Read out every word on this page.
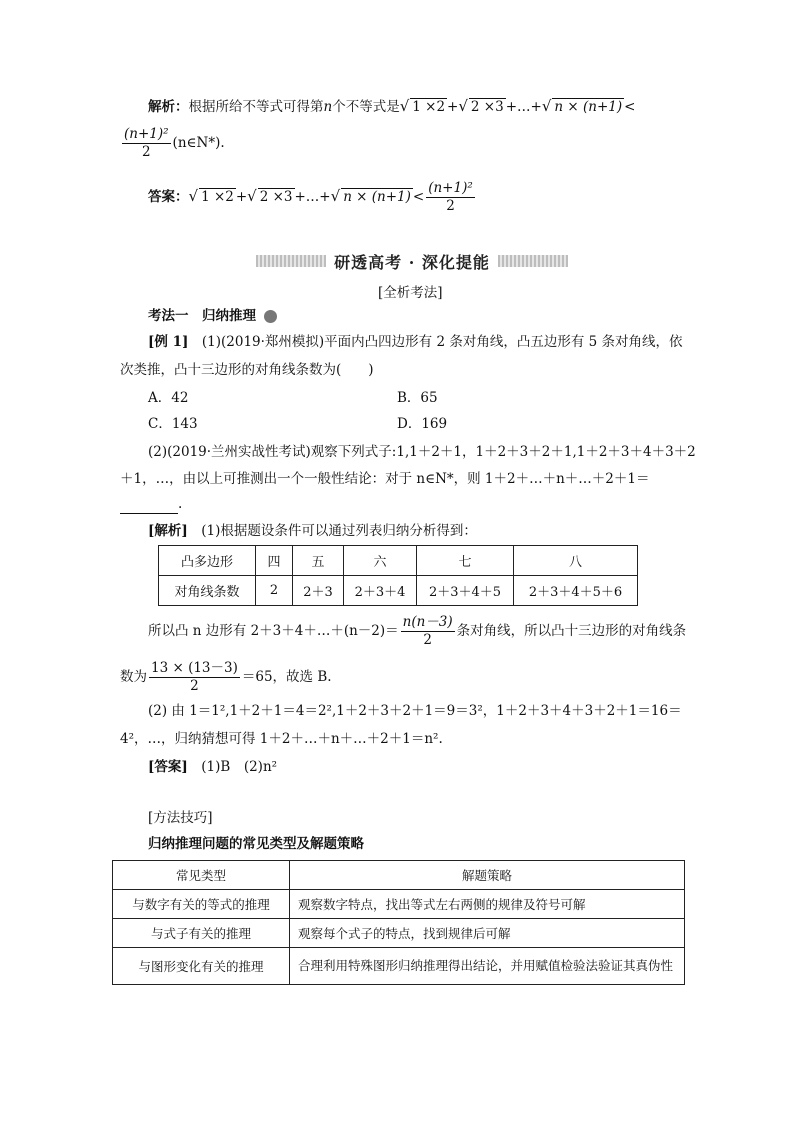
解析：根据所给不等式可得第n个不等式是√ 1 ×2 +√ 2 ×3 +…+√ n × (n+1) <
$\frac{\text{(n+1)²}}{2}$ (n∈N*).
答案：√ 1 ×2 +√ 2 ×3 +…+√ $n \times (n+1) < \frac{\text{(n+1)²}}{2}$
研透高考 · 深化提能
[全析考法]
考法一　归纳推理
[例 1]　(1)(2019·郑州模拟)平面内凸四边形有 2 条对角线，凸五边形有 5 条对角线，依
次类推，凸十三边形的对角线条数为(　　)
A．42	B．65
C．143	D．169
(2)(2019·兰州实战性考试)观察下列式子:1,1＋2＋1，1＋2＋3＋2＋1,1＋2＋3＋4＋3＋2
＋1，…，由以上可推测出一个一般性结论：对于 n∈N*，则 1＋2＋…＋n＋…＋2＋1＝
.
[解析]　(1)根据题设条件可以通过列表归纳分析得到：
凸多边形	四	五	六	七	八
对角线条数	2	2＋3	2＋3＋4	2＋3＋4＋5	2＋3＋4＋5＋6
所以凸 n 边形有 2＋3＋4＋…＋(n－2)＝ $\frac{n(n-3)}{2}$ 条对角线，所以凸十三边形的对角线条
数为 $\frac{13 \times (13-3)}{2} =65$，故选 B.
(2) 由 1＝1²,1＋2＋1＝4＝2²,1＋2＋3＋2＋1＝9＝3²，1＋2＋3＋4＋3＋2＋1＝16＝
4²，…，归纳猜想可得 1＋2＋…＋n＋…＋2＋1＝n².
[答案]　(1)B　(2)n²
[方法技巧]
归纳推理问题的常见类型及解题策略
常见类型	解题策略
与数字有关的等式的推理	观察数字特点，找出等式左右两侧的规律及符号可解
与式子有关的推理	观察每个式子的特点，找到规律后可解
与图形变化有关的推理	合理利用特殊图形归纳推理得出结论，并用赋值检验法验证其真伪性
